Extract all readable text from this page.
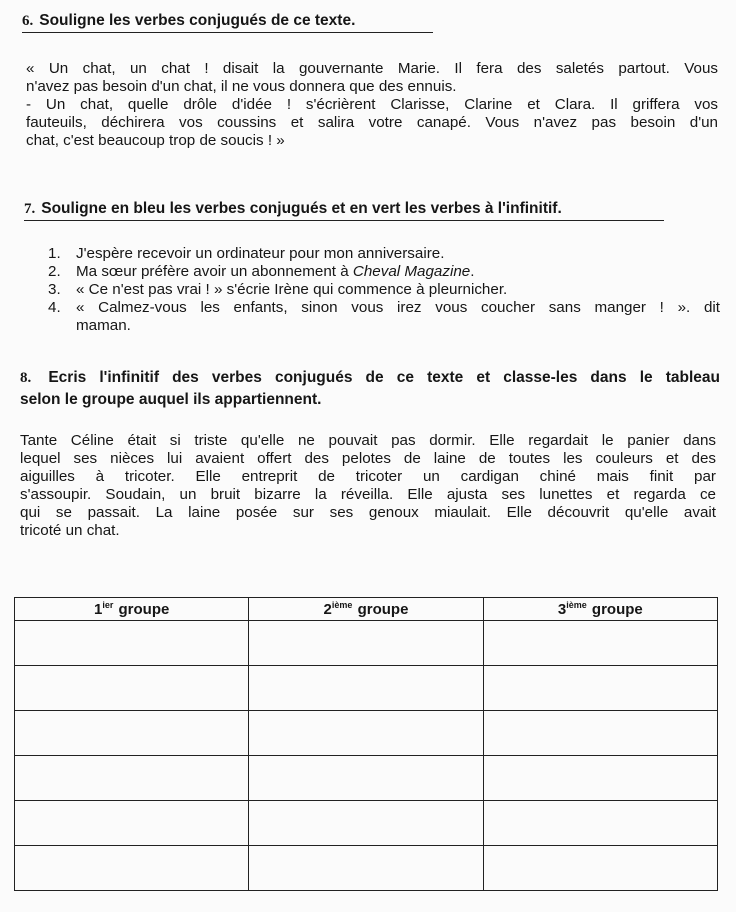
6. Souligne les verbes conjugués de ce texte.
« Un chat, un chat ! disait la gouvernante Marie. Il fera des saletés partout. Vous
n'avez pas besoin d'un chat, il ne vous donnera que des ennuis.
- Un chat, quelle drôle d'idée ! s'écrièrent Clarisse, Clarine et Clara. Il griffera vos
fauteuils, déchirera vos coussins et salira votre canapé. Vous n'avez pas besoin d'un
chat, c'est beaucoup trop de soucis ! »
7. Souligne en bleu les verbes conjugués et en vert les verbes à l'infinitif.
1. J'espère recevoir un ordinateur pour mon anniversaire.
2. Ma sœur préfère avoir un abonnement à Cheval Magazine.
3. « Ce n'est pas vrai ! » s'écrie Irène qui commence à pleurnicher.
4. « Calmez-vous les enfants, sinon vous irez vous coucher sans manger ! ». dit
maman.
8. Ecris l'infinitif des verbes conjugués de ce texte et classe-les dans le tableau
selon le groupe auquel ils appartiennent.
Tante Céline était si triste qu'elle ne pouvait pas dormir. Elle regardait le panier dans
lequel ses nièces lui avaient offert des pelotes de laine de toutes les couleurs et des
aiguilles à tricoter. Elle entreprit de tricoter un cardigan chiné mais finit par
s'assoupir. Soudain, un bruit bizarre la réveilla. Elle ajusta ses lunettes et regarda ce
qui se passait. La laine posée sur ses genoux miaulait. Elle découvrit qu'elle avait
tricoté un chat.
$1^{ier}$ groupe	2ième groupe	3ième groupe
